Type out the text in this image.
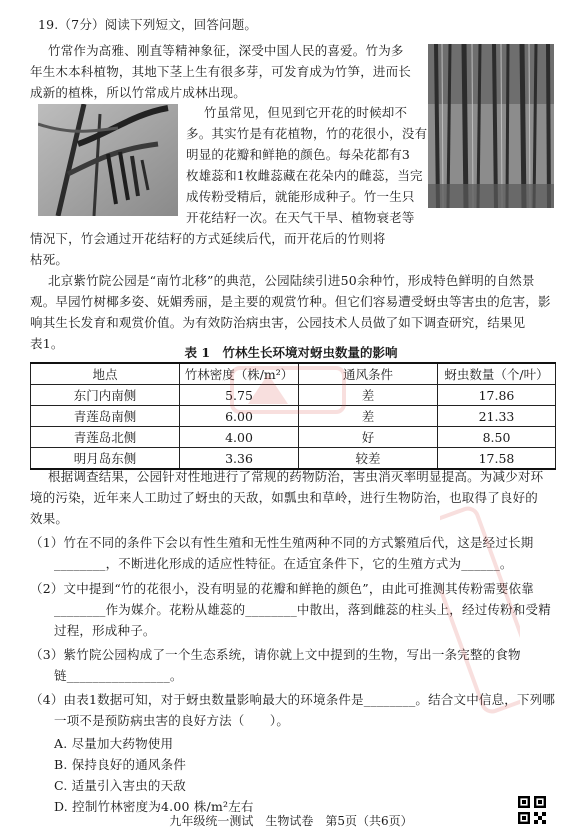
19.（7分）阅读下列短文，回答问题。
竹常作为高雅、刚直等精神象征，深受中国人民的喜爱。竹为多
年生木本科植物，其地下茎上生有很多芽，可发育成为竹笋，进而长
成新的植株，所以竹常成片成林出现。
竹虽常见，但见到它开花的时候却不
多。其实竹是有花植物，竹的花很小，没有
明显的花瓣和鲜艳的颜色。每朵花都有3
枚雄蕊和1枚雌蕊藏在花朵内的雌蕊，当完
成传粉受精后，就能形成种子。竹一生只
开花结籽一次。在天气干旱、植物衰老等
情况下，竹会通过开花结籽的方式延续后代，而开花后的竹则将
枯死。
北京紫竹院公园是“南竹北移”的典范，公园陆续引进50余种竹，形成特色鲜明的自然景
观。早园竹树椰多姿、妩媚秀丽，是主要的观赏竹种。但它们容易遭受蚜虫等害虫的危害，影
响其生长发育和观赏价值。为有效防治病虫害，公园技术人员做了如下调查研究，结果见
表1。
表 1　竹林生长环境对蚜虫数量的影响
地点	竹林密度（株/m²）	通风条件	蚜虫数量（个/叶）
东门内南侧	5.75	差	17.86
青莲岛南侧	6.00	差	21.33
青莲岛北侧	4.00	好	8.50
明月岛东侧	3.36	较差	17.58
根据调查结果，公园针对性地进行了常规的药物防治，害虫消灭率明显提高。为减少对环
境的污染，近年来人工助过了蚜虫的天敌，如瓢虫和草岭，进行生物防治，也取得了良好的
效果。
（1）竹在不同的条件下会以有性生殖和无性生殖两种不同的方式繁殖后代，这是经过长期
________，不断进化形成的适应性特征。在适宜条件下，它的生殖方式为______。
（2）文中提到“竹的花很小，没有明显的花瓣和鲜艳的颜色”，由此可推测其传粉需要依靠
________作为媒介。花粉从雄蕊的________中散出，落到雌蕊的柱头上，经过传粉和受精
过程，形成种子。
（3）紫竹院公园构成了一个生态系统，请你就上文中提到的生物，写出一条完整的食物
链________________。
（4）由表1数据可知，对于蚜虫数量影响最大的环境条件是________。结合文中信息，下列哪
一项不是预防病虫害的良好方法（　　）。
A. 尽量加大药物使用
B. 保持良好的通风条件
C. 适量引入害虫的天敌
D. 控制竹林密度为4.00 株/m²左右
九年级统一测试　生物试卷　第5页（共6页）
